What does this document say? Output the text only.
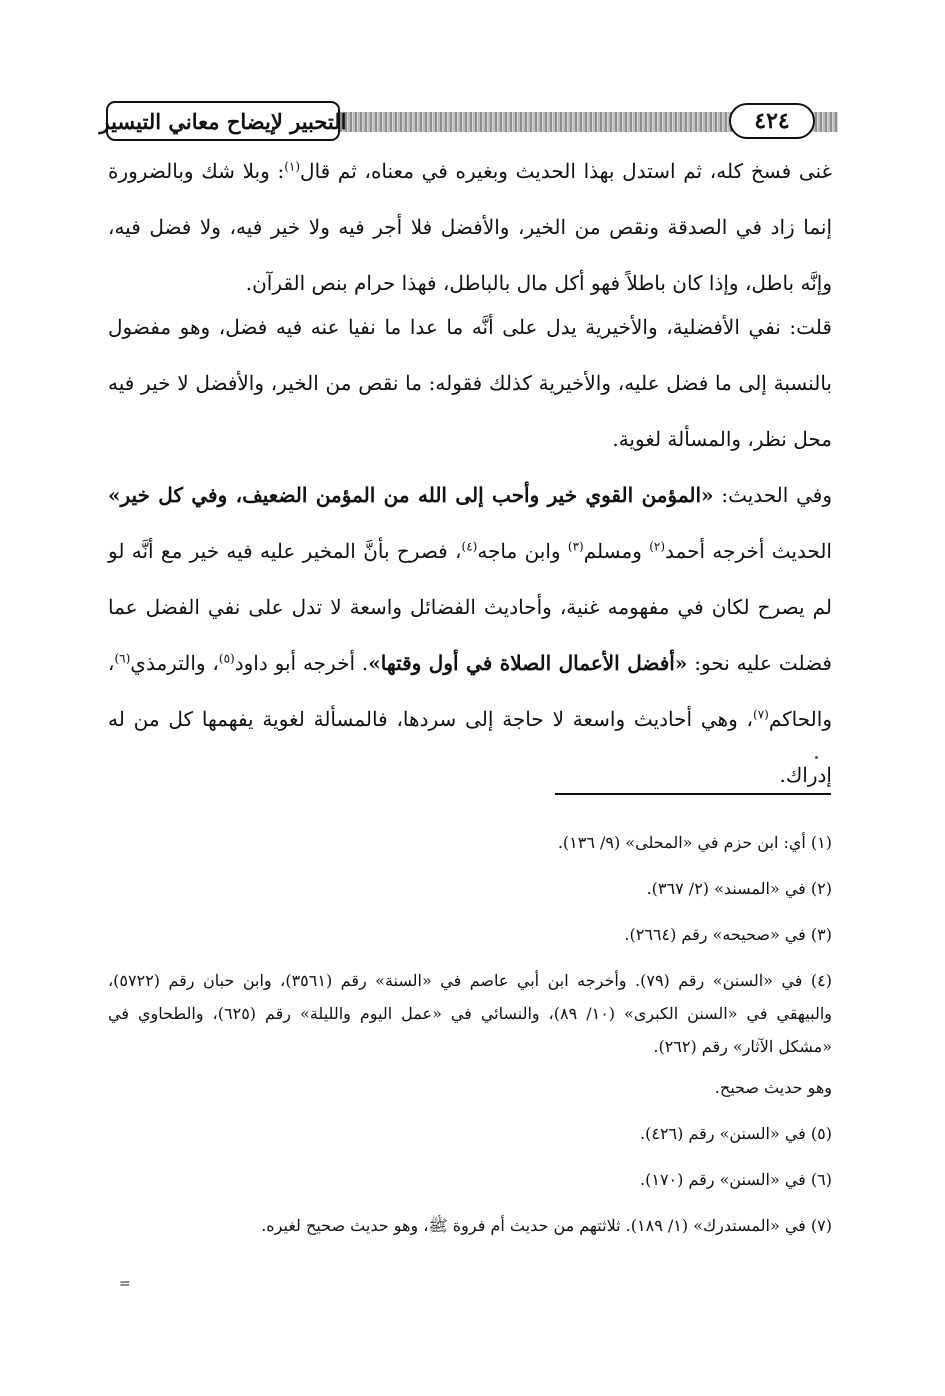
التحبير لإيضاح معاني التيسير	٤٢٤

غنى فسخ كله، ثم استدل بهذا الحديث وبغيره في معناه، ثم قال$^{(١)}$: وبلا شك وبالضرورة إنما زاد في الصدقة ونقص من الخير، والأفضل فلا أجر فيه ولا خير فيه، ولا فضل فيه، وإنَّه باطل، وإذا كان باطلاً فهو أكل مال بالباطل، فهذا حرام بنص القرآن.

قلت: نفي الأفضلية، والأخيرية يدل على أنَّه ما عدا ما نفيا عنه فيه فضل، وهو مفضول بالنسبة إلى ما فضل عليه، والأخيرية كذلك فقوله: ما نقص من الخير، والأفضل لا خير فيه محل نظر، والمسألة لغوية.

وفي الحديث: «المؤمن القوي خير وأحب إلى الله من المؤمن الضعيف، وفي كل خير» الحديث أخرجه أحمد$^{(٢)}$ ومسلم$^{(٣)}$ وابن ماجه$^{(٤)}$، فصرح بأنَّ المخير عليه فيه خير مع أنَّه لو لم يصرح لكان في مفهومه غنية، وأحاديث الفضائل واسعة لا تدل على نفي الفضل عما فضلت عليه نحو: «أفضل الأعمال الصلاة في أول وقتها». أخرجه أبو داود$^{(٥)}$، والترمذي$^{(٦)}$، والحاكم$^{(٧)}$، وهي أحاديث واسعة لا حاجة إلى سردها، فالمسألة لغوية يفهمها كل من له إدراك.

(١) أي: ابن حزم في «المحلى» (٩/ ١٣٦).
(٢) في «المسند» (٢/ ٣٦٧).
(٣) في «صحيحه» رقم (٢٦٦٤).
(٤) في «السنن» رقم (٧٩). وأخرجه ابن أبي عاصم في «السنة» رقم (٣٥٦١)، وابن حبان رقم (٥٧٢٢)، والبيهقي في «السنن الكبرى» (١٠/ ٨٩)، والنسائي في «عمل اليوم والليلة» رقم (٦٢٥)، والطحاوي في «مشكل الآثار» رقم (٢٦٢).
وهو حديث صحيح.
(٥) في «السنن» رقم (٤٢٦).
(٦) في «السنن» رقم (١٧٠).
(٧) في «المستدرك» (١/ ١٨٩). ثلاثتهم من حديث أم فروة ﷺ، وهو حديث صحيح لغيره.
=
